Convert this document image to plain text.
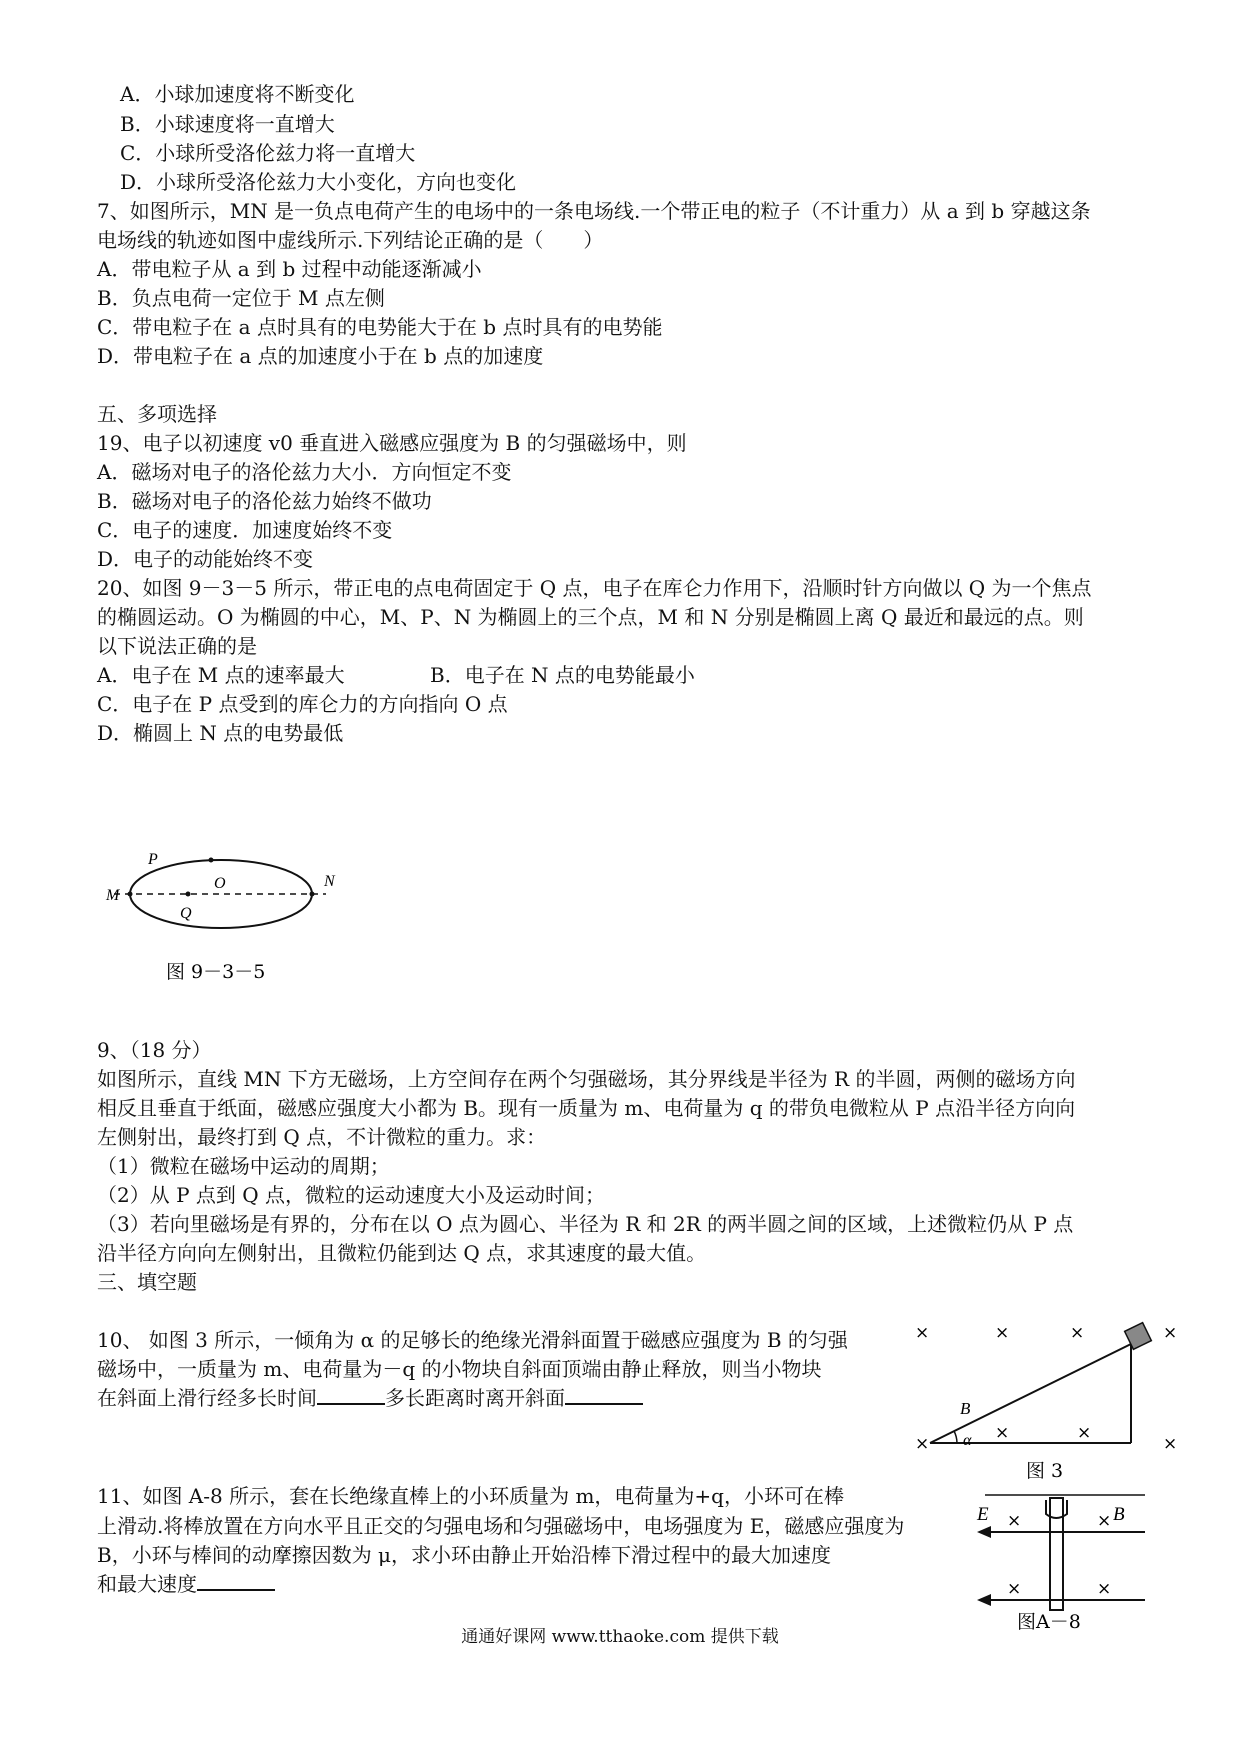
A．小球加速度将不断变化
B．小球速度将一直增大
C．小球所受洛伦兹力将一直增大
D．小球所受洛伦兹力大小变化，方向也变化
7、如图所示，MN 是一负点电荷产生的电场中的一条电场线.一个带正电的粒子（不计重力）从 a 到 b 穿越这条
电场线的轨迹如图中虚线所示.下列结论正确的是（　　）
A．带电粒子从 a 到 b 过程中动能逐渐减小
B．负点电荷一定位于 M 点左侧
C．带电粒子在 a 点时具有的电势能大于在 b 点时具有的电势能
D．带电粒子在 a 点的加速度小于在 b 点的加速度
五、多项选择
19、电子以初速度 v0 垂直进入磁感应强度为 B 的匀强磁场中，则
A．磁场对电子的洛伦兹力大小．方向恒定不变
B．磁场对电子的洛伦兹力始终不做功
C．电子的速度．加速度始终不变
D．电子的动能始终不变
20、如图 9－3－5 所示，带正电的点电荷固定于 Q 点，电子在库仑力作用下，沿顺时针方向做以 Q 为一个焦点
的椭圆运动。O 为椭圆的中心，M、P、N 为椭圆上的三个点，M 和 N 分别是椭圆上离 Q 最近和最远的点。则
以下说法正确的是
A．电子在 M 点的速率最大	B．电子在 N 点的电势能最小
C．电子在 P 点受到的库仑力的方向指向 O 点
D．椭圆上 N 点的电势最低
P
M
O
Q
N
图 9－3－5
9、（18 分）
如图所示，直线 MN 下方无磁场，上方空间存在两个匀强磁场，其分界线是半径为 R 的半圆，两侧的磁场方向
相反且垂直于纸面，磁感应强度大小都为 B。现有一质量为 m、电荷量为 q 的带负电微粒从 P 点沿半径方向向
左侧射出，最终打到 Q 点，不计微粒的重力。求：
（1）微粒在磁场中运动的周期；
（2）从 P 点到 Q 点，微粒的运动速度大小及运动时间；
（3）若向里磁场是有界的，分布在以 O 点为圆心、半径为 R 和 2R 的两半圆之间的区域，上述微粒仍从 P 点
沿半径方向向左侧射出，且微粒仍能到达 Q 点，求其速度的最大值。
三、填空题
10、 如图 3 所示，一倾角为 α 的足够长的绝缘光滑斜面置于磁感应强度为 B 的匀强
磁场中，一质量为 m、电荷量为－q 的小物块自斜面顶端由静止释放，则当小物块
在斜面上滑行经多长时间	多长距离时离开斜面	B
α
×	×	×	×
×
×	×
×
图 3
11、如图 A-8 所示，套在长绝缘直棒上的小环质量为 m，电荷量为+q，小环可在棒
上滑动.将棒放置在方向水平且正交的匀强电场和匀强磁场中，电场强度为 E，磁感应强度为
B，小环与棒间的动摩擦因数为 μ，求小环由静止开始沿棒下滑过程中的最大加速度
和最大速度
E	B
×	×
×	×
图A－8
通通好课网 www.tthaoke.com 提供下载
